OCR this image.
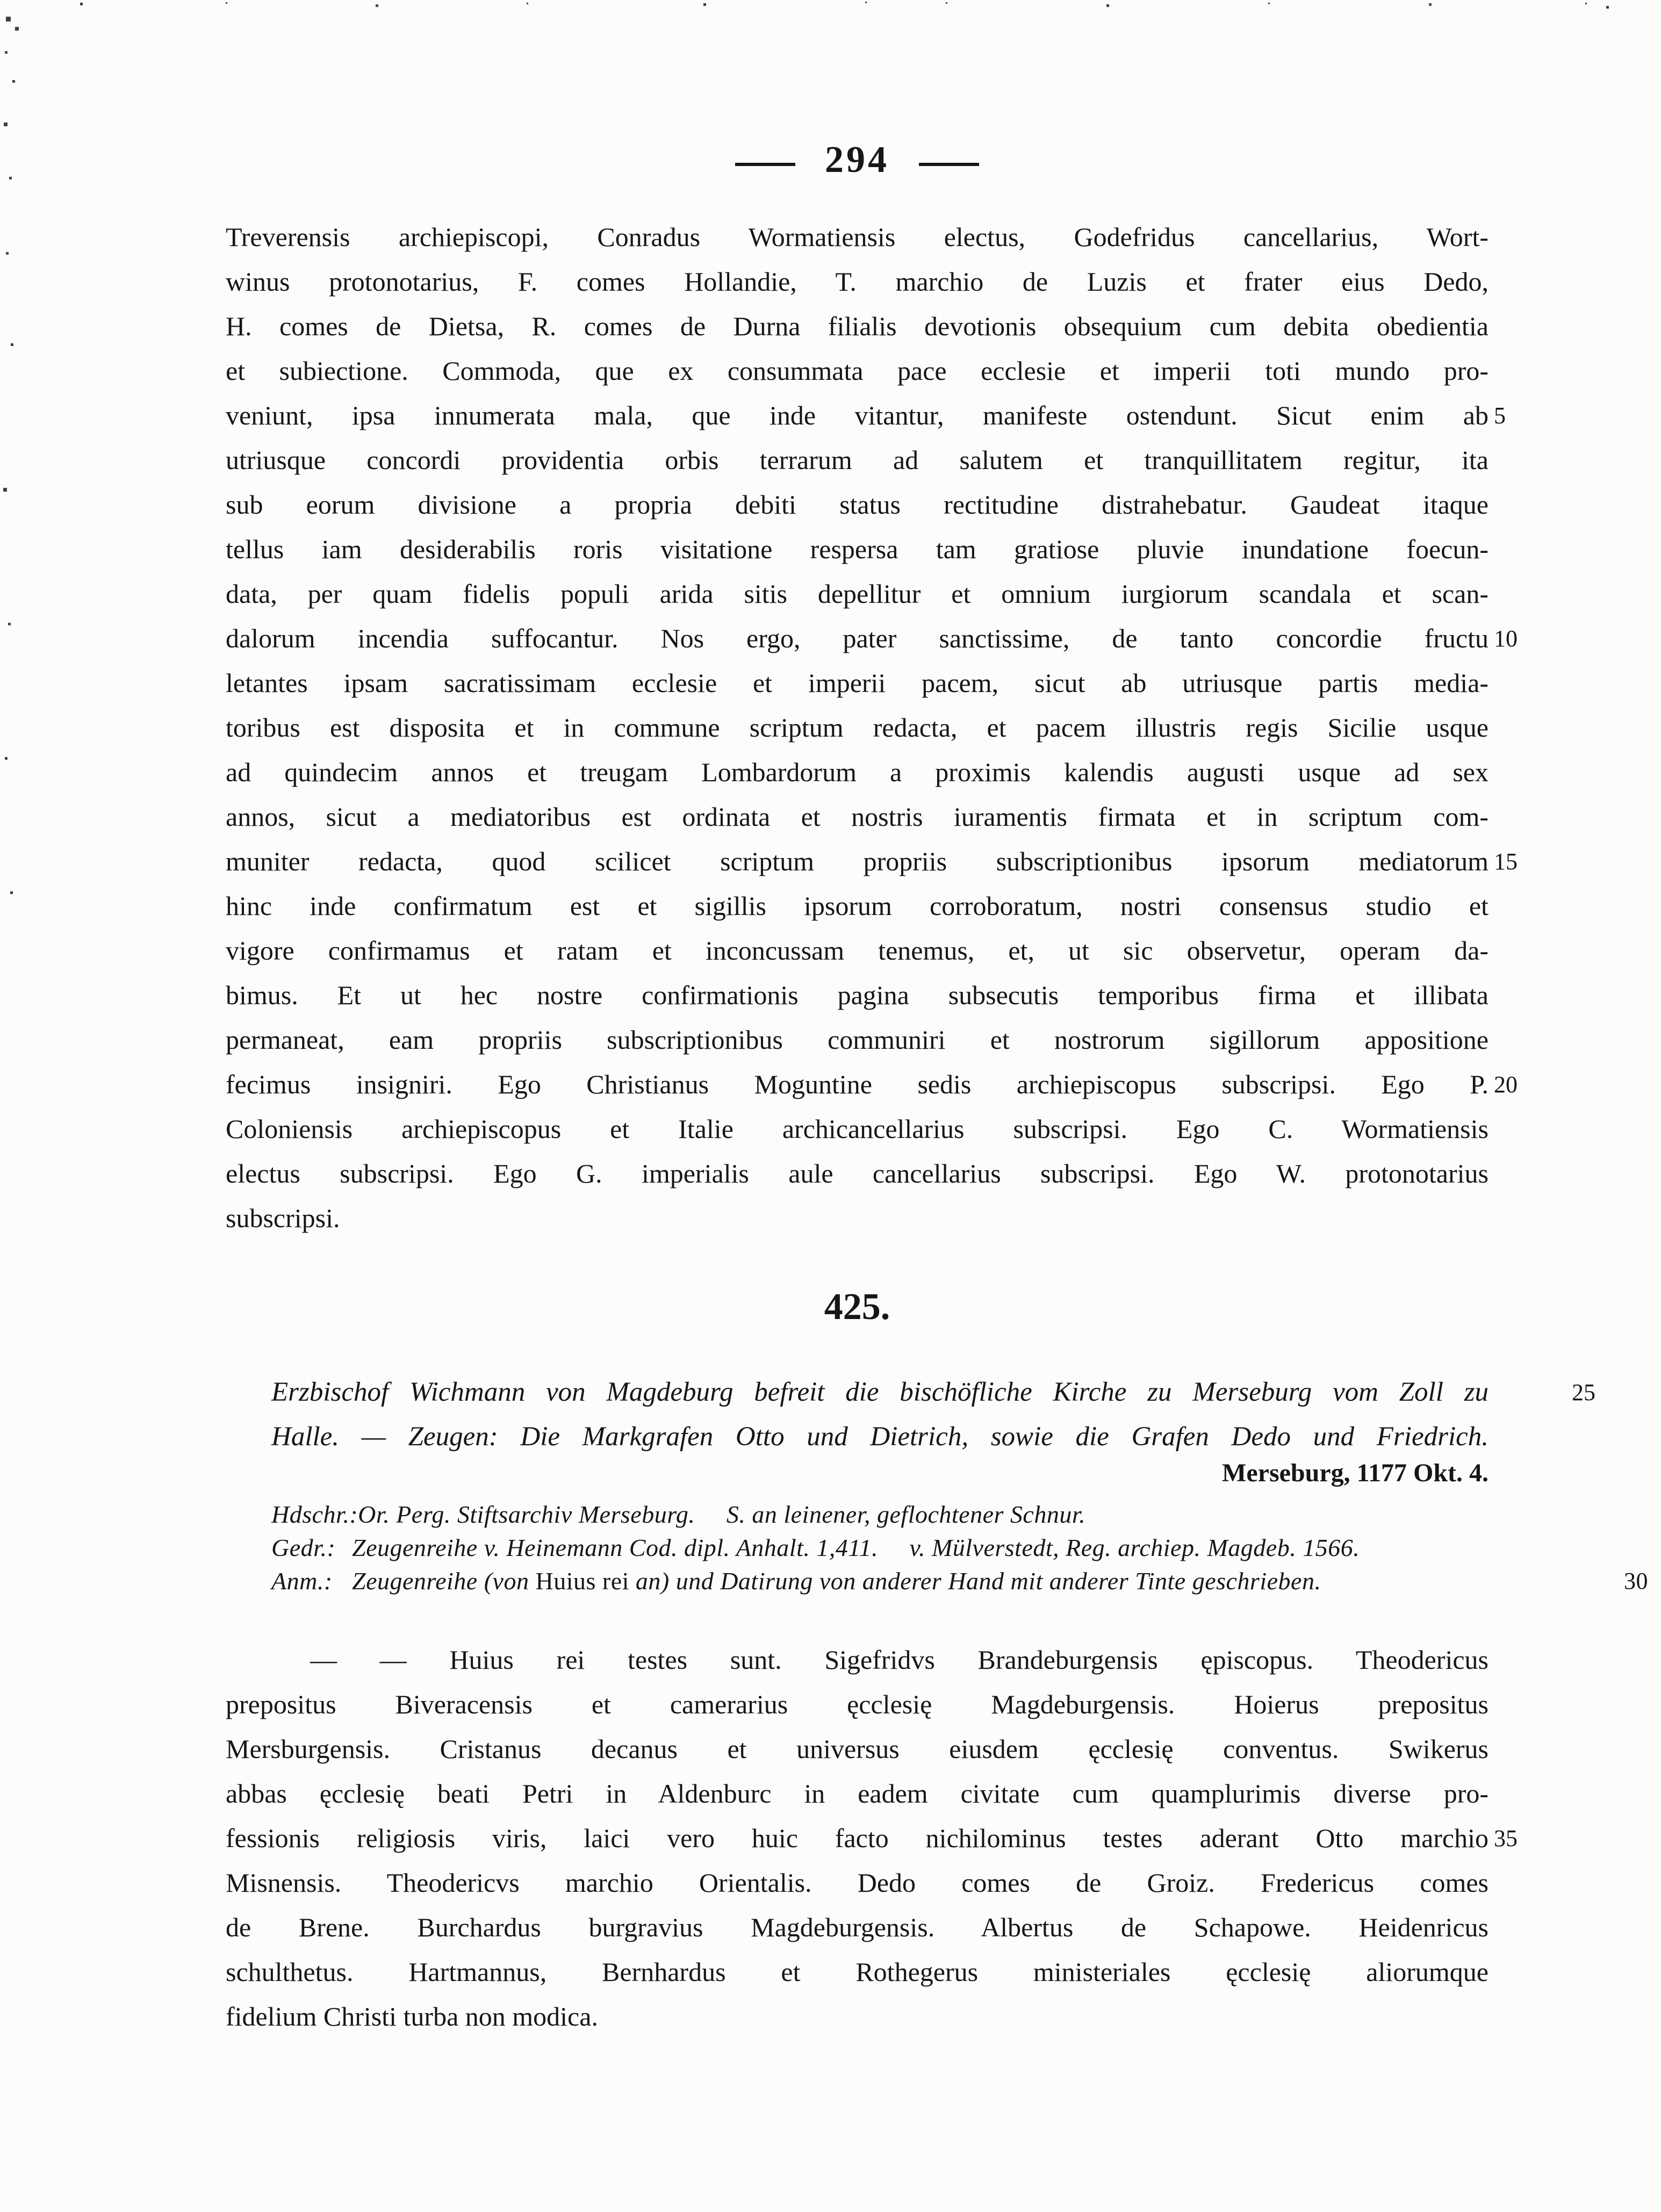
294
Treverensis archiepiscopi, Conradus Wormatiensis electus, Godefridus cancellarius, Wort-
winus protonotarius, F. comes Hollandie, T. marchio de Luzis et frater eius Dedo,
H. comes de Dietsa, R. comes de Durna filialis devotionis obsequium cum debita obedientia
et subiectione. Commoda, que ex consummata pace ecclesie et imperii toti mundo pro-
veniunt, ipsa innumerata mala, que inde vitantur, manifeste ostendunt. Sicut enim ab 5
utriusque concordi providentia orbis terrarum ad salutem et tranquillitatem regitur, ita
sub eorum divisione a propria debiti status rectitudine distrahebatur. Gaudeat itaque
tellus iam desiderabilis roris visitatione respersa tam gratiose pluvie inundatione foecun-
data, per quam fidelis populi arida sitis depellitur et omnium iurgiorum scandala et scan-
dalorum incendia suffocantur. Nos ergo, pater sanctissime, de tanto concordie fructu 10
letantes ipsam sacratissimam ecclesie et imperii pacem, sicut ab utriusque partis media-
toribus est disposita et in commune scriptum redacta, et pacem illustris regis Sicilie usque
ad quindecim annos et treugam Lombardorum a proximis kalendis augusti usque ad sex
annos, sicut a mediatoribus est ordinata et nostris iuramentis firmata et in scriptum com-
muniter redacta, quod scilicet scriptum propriis subscriptionibus ipsorum mediatorum 15
hinc inde confirmatum est et sigillis ipsorum corroboratum, nostri consensus studio et
vigore confirmamus et ratam et inconcussam tenemus, et, ut sic observetur, operam da-
bimus. Et ut hec nostre confirmationis pagina subsecutis temporibus firma et illibata
permaneat, eam propriis subscriptionibus communiri et nostrorum sigillorum appositione
fecimus insigniri. Ego Christianus Moguntine sedis archiepiscopus subscripsi. Ego P. 20
Coloniensis archiepiscopus et Italie archicancellarius subscripsi. Ego C. Wormatiensis
electus subscripsi. Ego G. imperialis aule cancellarius subscripsi. Ego W. protonotarius
subscripsi.
425.
Erzbischof Wichmann von Magdeburg befreit die bischöfliche Kirche zu Merseburg vom Zoll zu	25
Halle. — Zeugen: Die Markgrafen Otto und Dietrich, sowie die Grafen Dedo und Friedrich.
Merseburg, 1177 Okt. 4.
Hdschr.:Or. Perg. Stiftsarchiv Merseburg.  S. an leinener, geflochtener Schnur.
Gedr.: Zeugenreihe v. Heinemann Cod. dipl. Anhalt. 1,411.  v. Mülverstedt, Reg. archiep. Magdeb. 1566.
Anm.: Zeugenreihe (von Huius rei an) und Datirung von anderer Hand mit anderer Tinte geschrieben.	30
— — Huius rei testes sunt. Sigefridvs Brandeburgensis ępiscopus. Theodericus
prepositus Biveracensis et camerarius ęcclesię Magdeburgensis. Hoierus prepositus
Mersburgensis. Cristanus decanus et universus eiusdem ęcclesię conventus. Swikerus
abbas ęcclesię beati Petri in Aldenburc in eadem civitate cum quamplurimis diverse pro-
fessionis religiosis viris, laici vero huic facto nichilominus testes aderant Otto marchio 35
Misnensis. Theodericvs marchio Orientalis. Dedo comes de Groiz. Fredericus comes
de Brene. Burchardus burgravius Magdeburgensis. Albertus de Schapowe. Heidenricus
schulthetus. Hartmannus, Bernhardus et Rothegerus ministeriales ęcclesię aliorumque
fidelium Christi turba non modica.
